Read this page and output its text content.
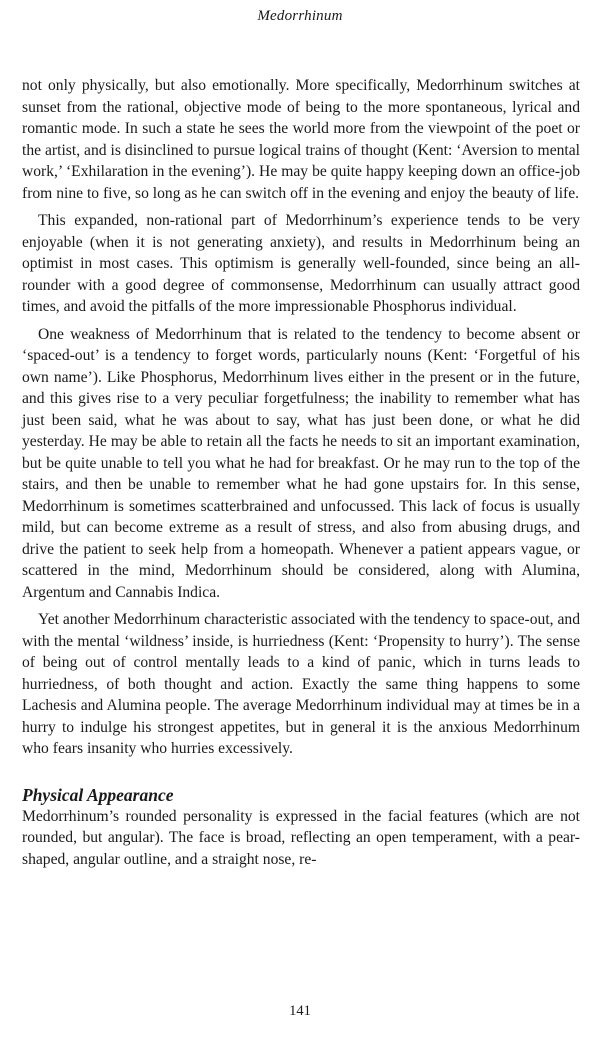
Medorrhinum

not only physically, but also emotionally. More specifically, Medorrhinum switches at sunset from the rational, objective mode of being to the more spontaneous, lyrical and romantic mode. In such a state he sees the world more from the viewpoint of the poet or the artist, and is disinclined to pursue logical trains of thought (Kent: ‘Aversion to mental work,’ ‘Exhilaration in the evening’). He may be quite happy keeping down an office-job from nine to five, so long as he can switch off in the evening and enjoy the beauty of life.

This expanded, non-rational part of Medorrhinum’s experience tends to be very enjoyable (when it is not generating anxiety), and results in Medorrhinum being an optimist in most cases. This optimism is generally well-founded, since being an all-rounder with a good degree of commonsense, Medorrhinum can usually attract good times, and avoid the pitfalls of the more impressionable Phosphorus individual.

One weakness of Medorrhinum that is related to the tendency to become absent or ‘spaced-out’ is a tendency to forget words, particularly nouns (Kent: ‘Forgetful of his own name’). Like Phosphorus, Medorrhinum lives either in the present or in the future, and this gives rise to a very peculiar forgetfulness; the inability to remember what has just been said, what he was about to say, what has just been done, or what he did yesterday. He may be able to retain all the facts he needs to sit an important examination, but be quite unable to tell you what he had for breakfast. Or he may run to the top of the stairs, and then be unable to remember what he had gone upstairs for. In this sense, Medorrhinum is sometimes scatterbrained and unfocussed. This lack of focus is usually mild, but can become extreme as a result of stress, and also from abusing drugs, and drive the patient to seek help from a homeopath. Whenever a patient appears vague, or scattered in the mind, Medorrhinum should be considered, along with Alumina, Argentum and Cannabis Indica.

Yet another Medorrhinum characteristic associated with the tendency to space-out, and with the mental ‘wildness’ inside, is hurriedness (Kent: ‘Propensity to hurry’). The sense of being out of control mentally leads to a kind of panic, which in turns leads to hurriedness, of both thought and action. Exactly the same thing happens to some Lachesis and Alumina people. The average Medorrhinum individual may at times be in a hurry to indulge his strongest appetites, but in general it is the anxious Medorrhinum who fears insanity who hurries excessively.

Physical Appearance

Medorrhinum’s rounded personality is expressed in the facial features (which are not rounded, but angular). The face is broad, reflecting an open temperament, with a pear-shaped, angular outline, and a straight nose, re-

141
